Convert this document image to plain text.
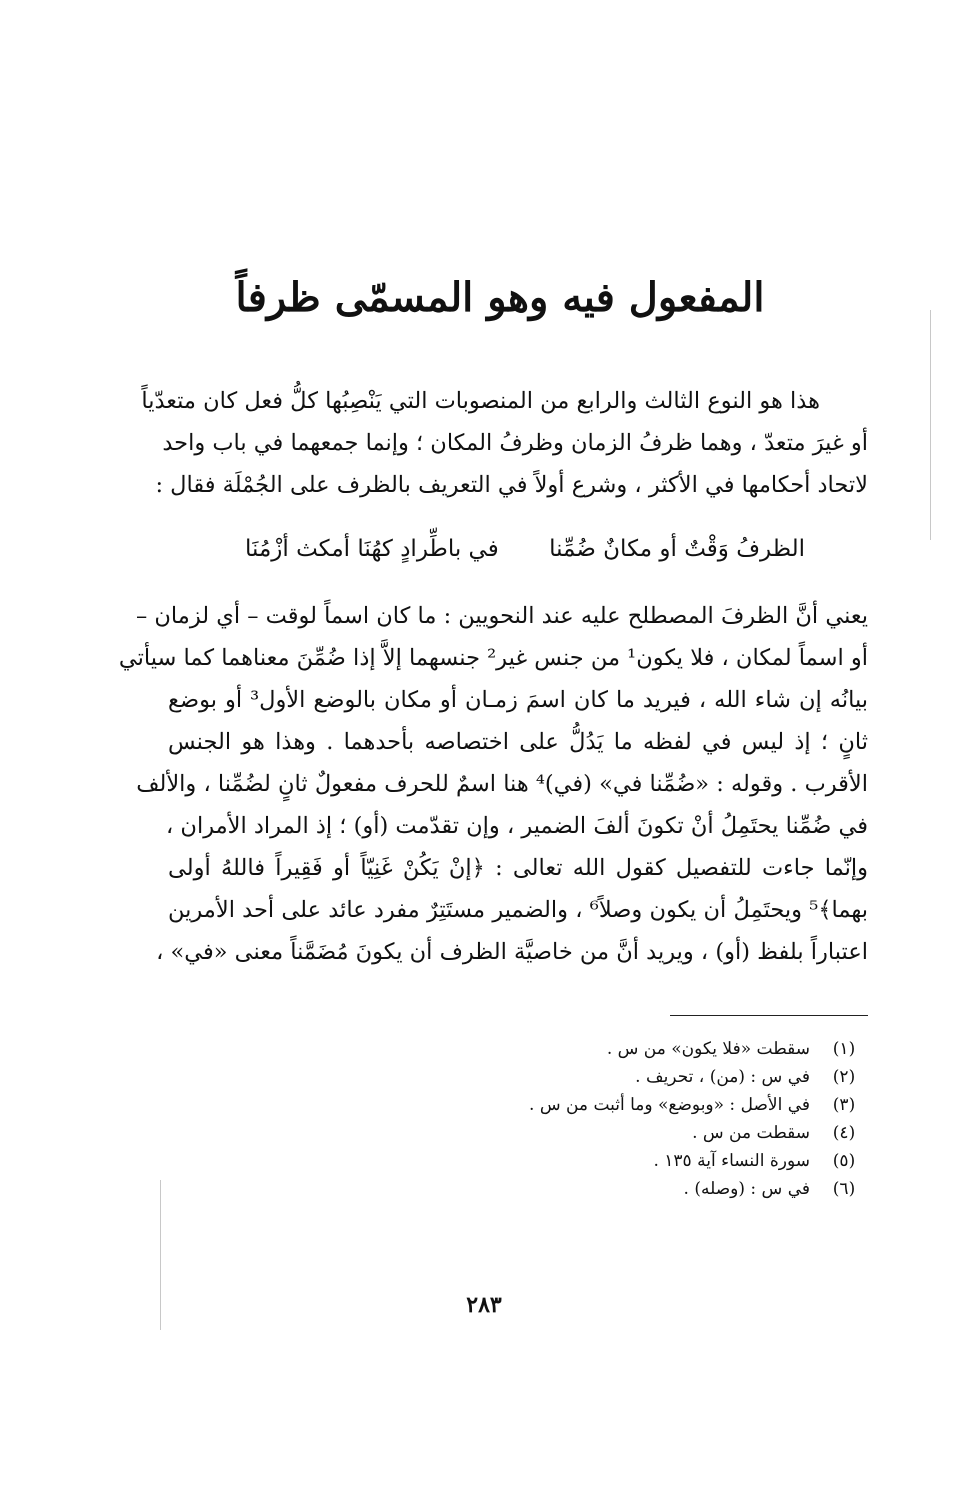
المفعول فيه وهو المسمّى ظرفاً
هذا هو النوع الثالث والرابع من المنصوبات التي يَنْصِبُها كلُّ فعل كان متعدّياً
أو غيرَ متعدّ ، وهما ظرفُ الزمان وظرفُ المكان ؛ وإنما جمعهما في باب واحد
لاتحاد أحكامها في الأكثر ، وشرع أولاً في التعريف بالظرف على الجُمْلَة فقال :
الظرفُ وَقْتٌ أو مكانٌ ضُمِّنا
في باطِّرادٍ كهُنَا أمكث أزْمُنَا
يعني أنَّ الظرفَ المصطلح عليه عند النحويين : ما كان اسماً لوقت – أي لزمان –
أو اسماً لمكان ، فلا يكون¹ من جنس غير² جنسهما إلاَّ إذا ضُمِّنَ معناهما كما سيأتي
بيانُه إن شاء الله ، فيريد ما كان اسمَ زمـان أو مكان بالوضع الأول³ أو بوضع
ثانٍ ؛ إذ ليس في لفظه ما يَدُلُّ على اختصاصه بأحدهما . وهذا هو الجنس
الأقرب . وقوله : «ضُمِّنا في» (في)⁴ هنا اسمٌ للحرف مفعولٌ ثانٍ لضُمِّنا ، والألف
في ضُمِّنا يحتَمِلُ أنْ تكونَ ألفَ الضمير ، وإن تقدّمت (أو) ؛ إذ المراد الأمران ،
وإنّما جاءت للتفصيل كقول الله تعالى : ﴿إنْ يَكُنْ غَنِيّاً أو فَقِيراً فاللهُ أولى
بهما﴾⁵ ويحتَمِلُ أن يكون وصلاً⁶ ، والضمير مستَتِرٌ مفرد عائد على أحد الأمرين
اعتباراً بلفظ (أو) ، ويريد أنَّ من خاصيَّة الظرف أن يكونَ مُضَمَّناً معنى «في» ،
(١)سقطت «فلا يكون» من س .
(٢)في س : (من) ، تحريف .
(٣)في الأصل : «وبوضع» وما أثبت من س .
(٤)سقطت من س .
(٥)سورة النساء آية ١٣٥ .
(٦)في س : (وصله) .
٢٨٣
